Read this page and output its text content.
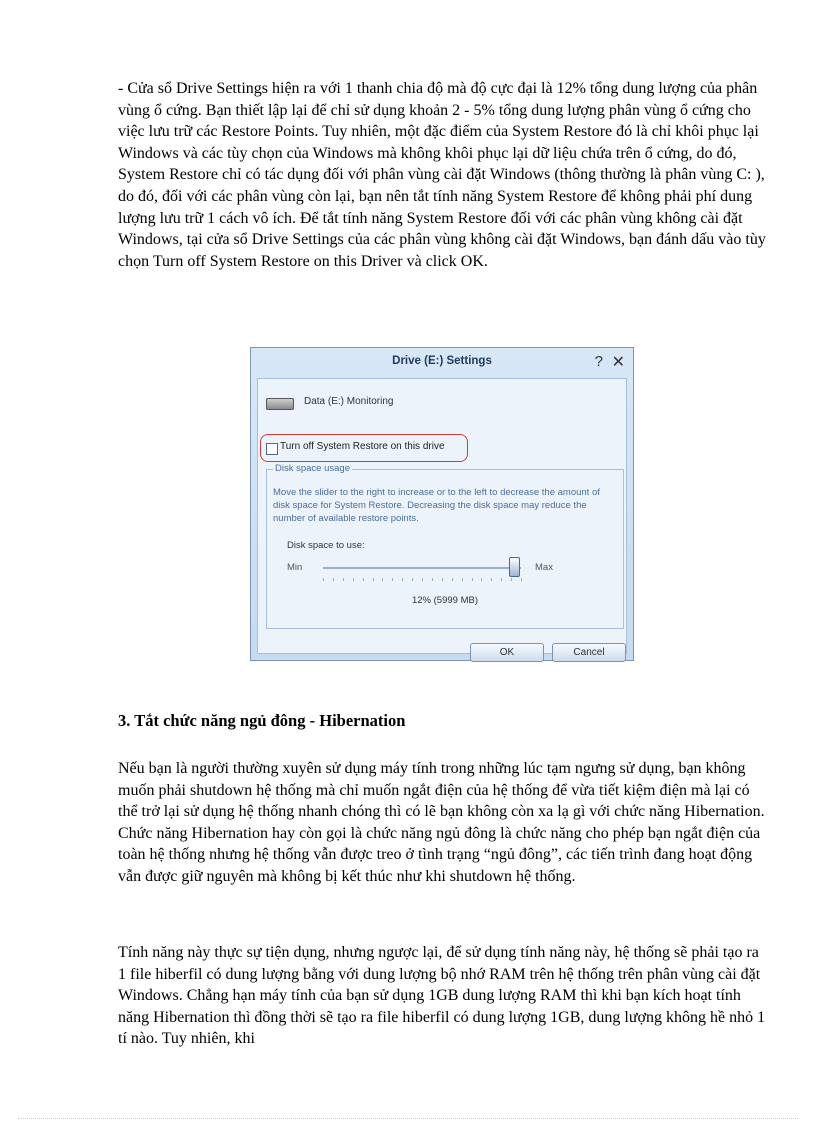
- Cửa sổ Drive Settings hiện ra với 1 thanh chia độ mà độ cực đại là 12% tổng dung lượng của phân vùng ổ cứng. Bạn thiết lập lại để chỉ sử dụng khoản 2 - 5% tổng dung lượng phân vùng ổ cứng cho việc lưu trữ các Restore Points. Tuy nhiên, một đặc điểm của System Restore đó là chỉ khôi phục lại Windows và các tùy chọn của Windows mà không khôi phục lại dữ liệu chứa trên ổ cứng, do đó, System Restore chỉ có tác dụng đối với phân vùng cài đặt Windows (thông thường là phân vùng C: ), do đó, đối với các phân vùng còn lại, bạn nên tắt tính năng System Restore để không phải phí dung lượng lưu trữ 1 cách vô ích. Để tắt tính năng System Restore đối với các phân vùng không cài đặt Windows, tại cửa sổ Drive Settings của các phân vùng không cài đặt Windows, bạn đánh dấu vào tùy chọn Turn off System Restore on this Driver và click OK.

Drive (E:) Settings	? ✕
Data (E:) Monitoring
Turn off System Restore on this drive
Disk space usage

Move the slider to the right to increase or to the left to decrease the amount of disk space for System Restore. Decreasing the disk space may reduce the number of available restore points.

Disk space to use:
Min	Max
12% (5999 MB)
OK	Cancel
3. Tắt chức năng ngủ đông - Hibernation

Nếu bạn là người thường xuyên sử dụng máy tính trong những lúc tạm ngưng sử dụng, bạn không muốn phải shutdown hệ thống mà chỉ muốn ngắt điện của hệ thống để vừa tiết kiệm điện mà lại có thể trở lại sử dụng hệ thống nhanh chóng thì có lẽ bạn không còn xa lạ gì với chức năng Hibernation. Chức năng Hibernation hay còn gọi là chức năng ngủ đông là chức năng cho phép bạn ngắt điện của toàn hệ thống nhưng hệ thống vẫn được treo ở tình trạng “ngủ đông”, các tiến trình đang hoạt động vẫn được giữ nguyên mà không bị kết thúc như khi shutdown hệ thống.

Tính năng này thực sự tiện dụng, nhưng ngược lại, để sử dụng tính năng này, hệ thống sẽ phải tạo ra 1 file hiberfil có dung lượng bằng với dung lượng bộ nhớ RAM trên hệ thống trên phân vùng cài đặt Windows. Chẳng hạn máy tính của bạn sử dụng 1GB dung lượng RAM thì khi bạn kích hoạt tính năng Hibernation thì đồng thời sẽ tạo ra file hiberfil có dung lượng 1GB, dung lượng không hề nhỏ 1 tí nào. Tuy nhiên, khi
